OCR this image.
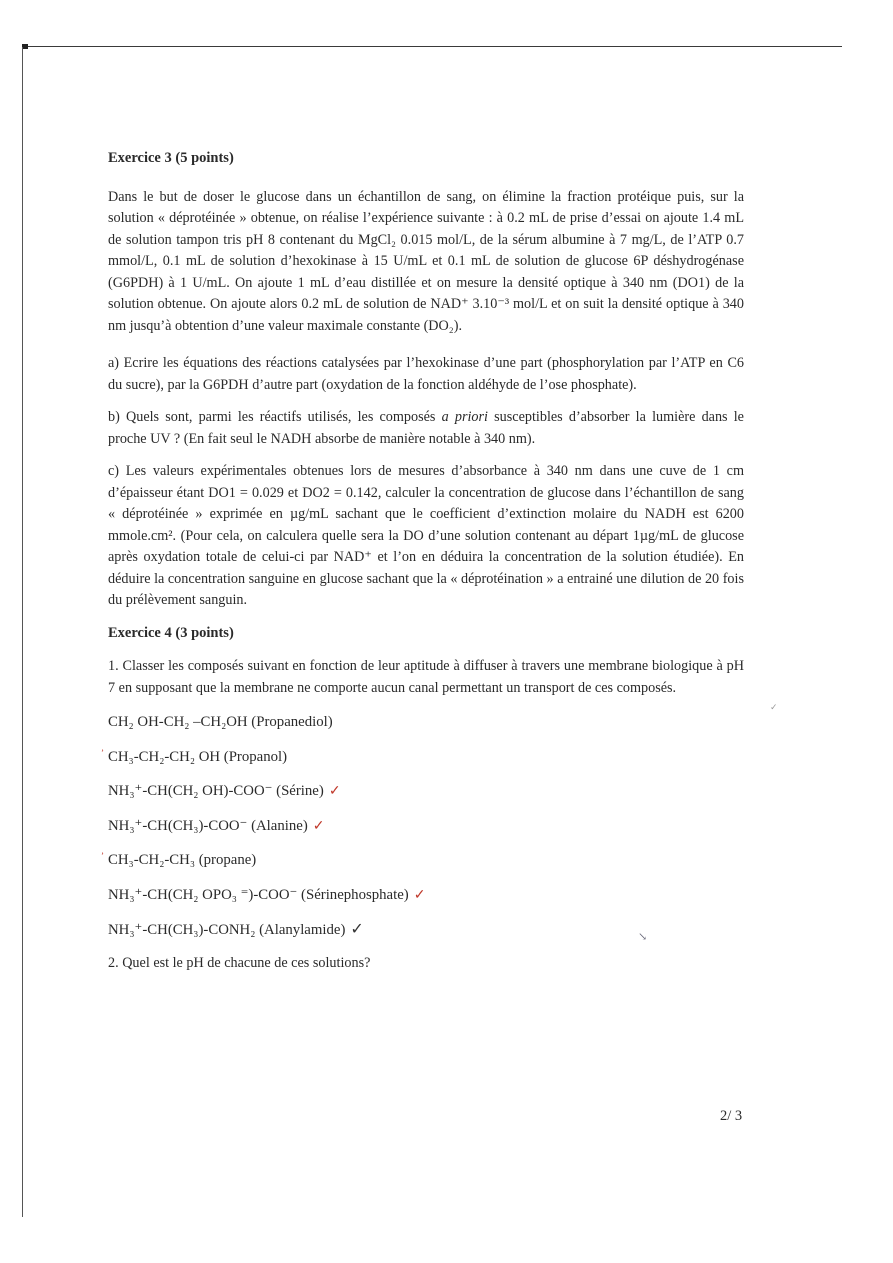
Exercice 3 (5 points)

Dans le but de doser le glucose dans un échantillon de sang, on élimine la fraction protéique puis, sur la solution « déprotéinée » obtenue, on réalise l’expérience suivante : à 0.2 mL de prise d’essai on ajoute 1.4 mL de solution tampon tris pH 8 contenant du MgCl₂ 0.015 mol/L, de la sérum albumine à 7 mg/L, de l’ATP 0.7 mmol/L, 0.1 mL de solution d’hexokinase à 15 U/mL et 0.1 mL de solution de glucose 6P déshydrogénase (G6PDH) à 1 U/mL. On ajoute 1 mL d’eau distillée et on mesure la densité optique à 340 nm (DO1) de la solution obtenue. On ajoute alors 0.2 mL de solution de NAD⁺ 3.10⁻³ mol/L et on suit la densité optique à 340 nm jusqu’à obtention d’une valeur maximale constante (DO₂).

a) Ecrire les équations des réactions catalysées par l’hexokinase d’une part (phosphorylation par l’ATP en C6 du sucre), par la G6PDH d’autre part (oxydation de la fonction aldéhyde de l’ose phosphate).

b) Quels sont, parmi les réactifs utilisés, les composés a priori susceptibles d’absorber la lumière dans le proche UV ? (En fait seul le NADH absorbe de manière notable à 340 nm).

c) Les valeurs expérimentales obtenues lors de mesures d’absorbance à 340 nm dans une cuve de 1 cm d’épaisseur étant DO1 = 0.029 et DO2 = 0.142, calculer la concentration de glucose dans l’échantillon de sang « déprotéinée » exprimée en µg/mL sachant que le coefficient d’extinction molaire du NADH est 6200 mmole.cm². (Pour cela, on calculera quelle sera la DO d’une solution contenant au départ 1µg/mL de glucose après oxydation totale de celui-ci par NAD⁺ et l’on en déduira la concentration de la solution étudiée). En déduire la concentration sanguine en glucose sachant que la « déprotéination » a entrainé une dilution de 20 fois du prélèvement sanguin.

Exercice 4 (3 points)

1. Classer les composés suivant en fonction de leur aptitude à diffuser à travers une membrane biologique à pH 7 en supposant que la membrane ne comporte aucun canal permettant un transport de ces composés.

CH₂ OH-CH₂ –CH₂OH (Propanediol)

ʼ CH₃-CH₂-CH₂ OH (Propanol)

NH₃⁺-CH(CH₂ OH)-COO⁻ (Sérine) ✓

NH₃⁺-CH(CH₃)-COO⁻ (Alanine) ✓

ʼ CH₃-CH₂-CH₃ (propane)

NH₃⁺-CH(CH₂ OPO₃ ⁼)-COO⁻ (Sérinephosphate) ✓

NH₃⁺-CH(CH₃)-CONH₂ (Alanylamide) ✓

2. Quel est le pH de chacune de ces solutions?

✓
↘
2/ 3
